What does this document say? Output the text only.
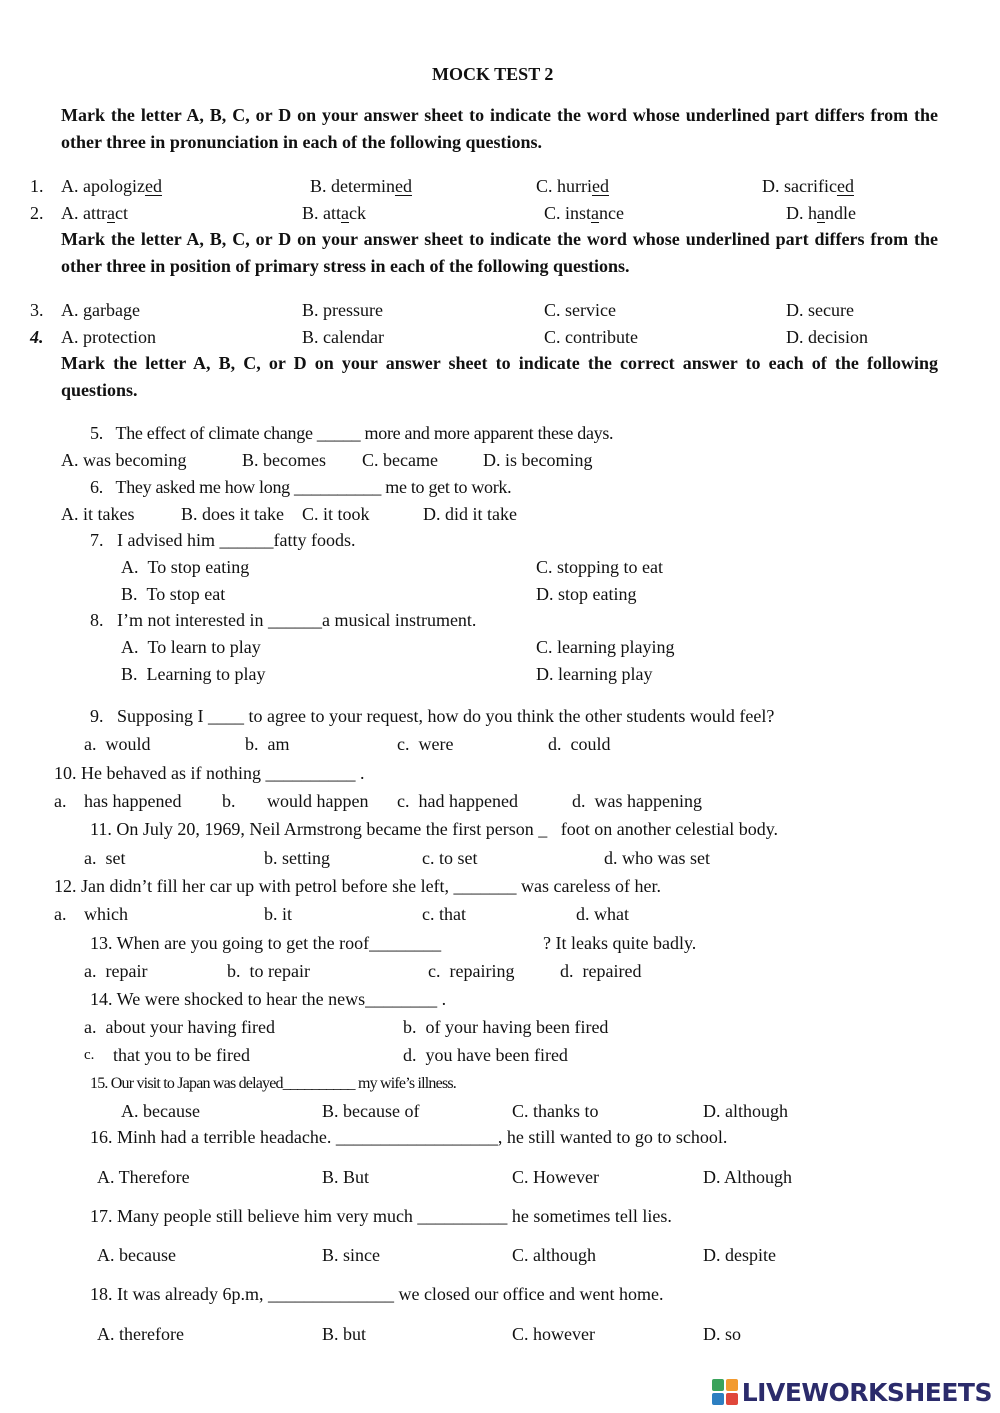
MOCK TEST 2
Mark the letter A, B, C, or D on your answer sheet to indicate the word whose underlined part differs from the other three in pronunciation in each of the following questions.
1. A. apologized	B. determined	C. hurried	D. sacrificed
2. A. attract	B. attack	C. instance	D. handle
Mark the letter A, B, C, or D on your answer sheet to indicate the word whose underlined part differs from the other three in position of primary stress in each of the following questions.
3. A. garbage	B. pressure	C. service	D. secure
4. A. protection	B. calendar	C. contribute	D. decision
Mark the letter A, B, C, or D on your answer sheet to indicate the correct answer to each of the following questions.
5.   The effect of climate change _____ more and more apparent these days.
A. was becoming	B. becomes C. became	D. is becoming
6.   They asked me how long __________ me to get to work.
A. it takes	B. does it take C. it took	D. did it take
7.   I advised him ______fatty foods.
A.  To stop eating	C. stopping to eat
B.  To stop eat	D. stop eating
8.   I’m not interested in ______a musical instrument.
A.  To learn to play	C. learning playing
B.  Learning to play	D. learning play
9.   Supposing I ____ to agree to your request, how do you think the other students would feel?
a.  would	b.  am	c.  were	d.  could
10. He behaved as if nothing __________ .
a. has happened b. would happen c.  had happened	d.  was happening
11. On July 20, 1969, Neil Armstrong became the first person _   foot on another celestial body.
a.  set	b. setting	c. to set	d. who was set
12. Jan didn’t fill her car up with petrol before she left, _______ was careless of her.
a. which	b. it	c. that	d. what
13. When are you going to get the roof________	? It leaks quite badly.
a.  repair	b.  to repair	c.  repairing	d.  repaired
14. We were shocked to hear the news________ .
a.  about your having fired	b.  of your having been fired
c. that you to be fired	d.  you have been fired
15. Our visit to Japan was delayed__________ my wife’s illness.
A. because	B. because of	C. thanks to	D. although
16. Minh had a terrible headache. __________________, he still wanted to go to school.
A. Therefore	B. But	C. However	D. Although
17. Many people still believe him very much __________ he sometimes tell lies.
A. because	B. since	C. although	D. despite
18. It was already 6p.m, ______________ we closed our office and went home.
A. therefore	B. but	C. however	D. so
LIVEWORKSHEETS
